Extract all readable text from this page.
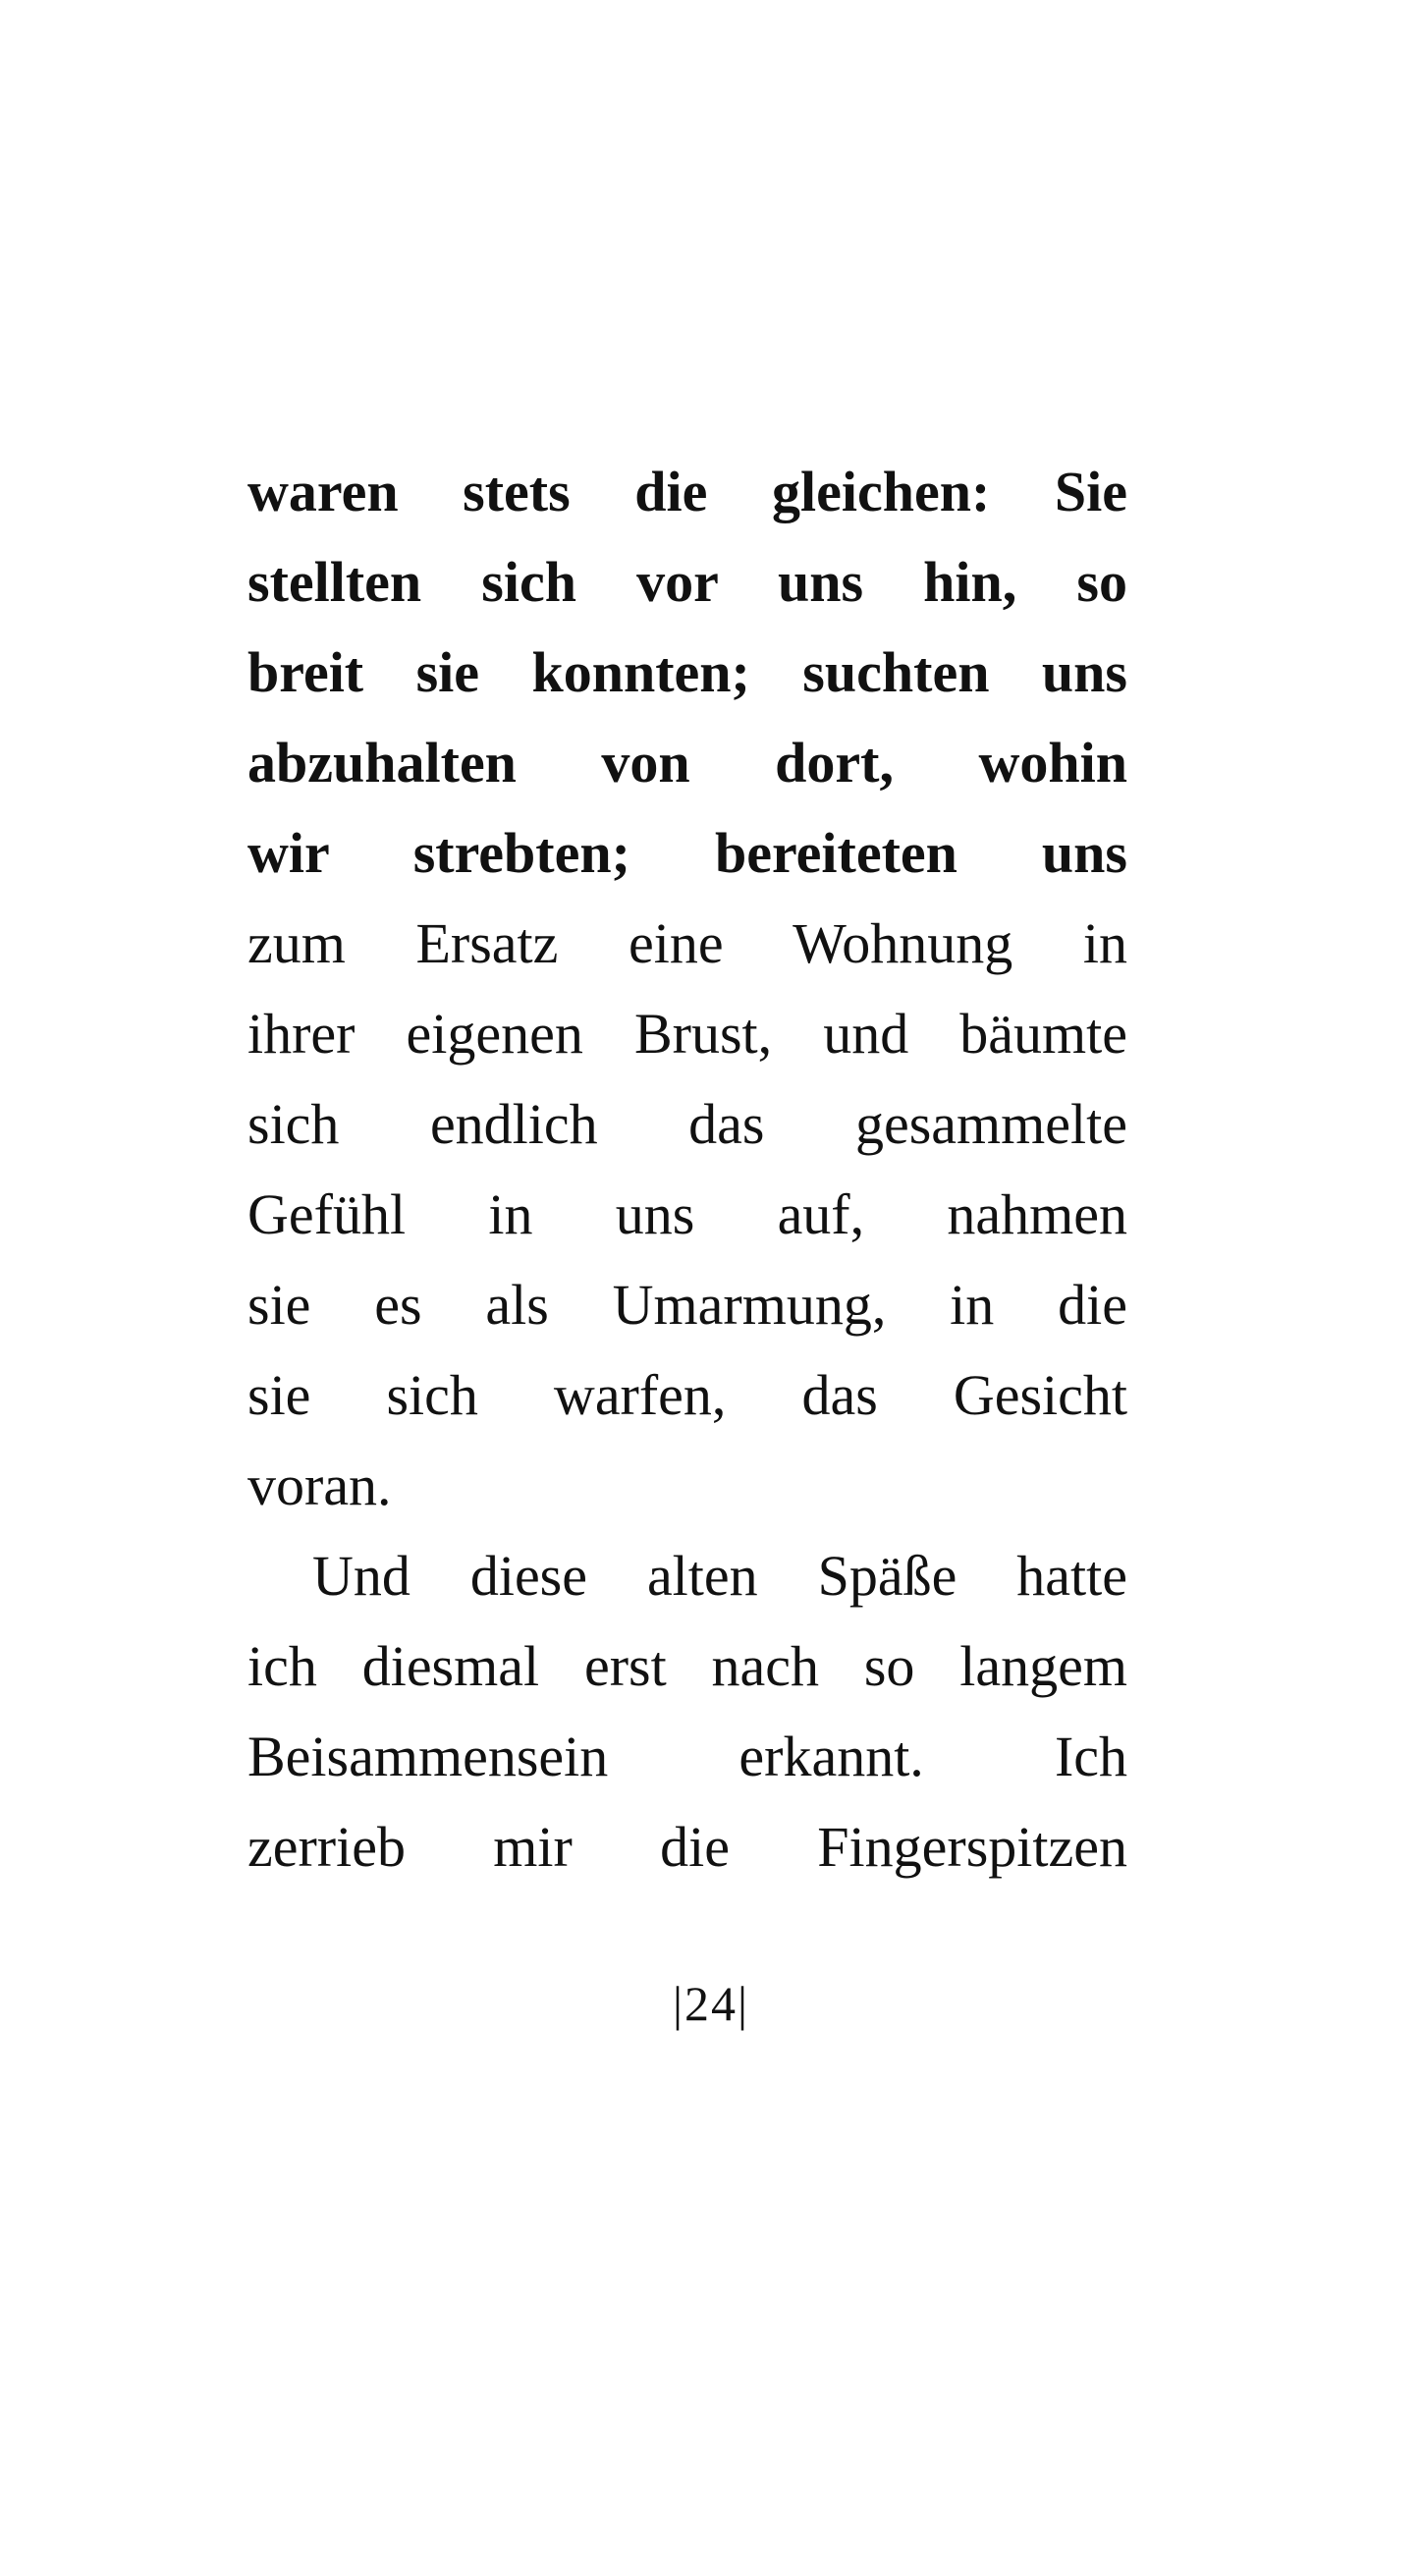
waren stets die gleichen: Sie
stellten sich vor uns hin, so
breit sie konnten; suchten uns
abzuhalten von dort, wohin
wir strebten; bereiteten uns
zum Ersatz eine Wohnung in
ihrer eigenen Brust, und bäumte
sich endlich das gesammelte
Gefühl in uns auf, nahmen
sie es als Umarmung, in die
sie sich warfen, das Gesicht
voran.
Und diese alten Späße hatte
ich diesmal erst nach so langem
Beisammensein erkannt. Ich
zerrieb mir die Fingerspitzen
|24|
